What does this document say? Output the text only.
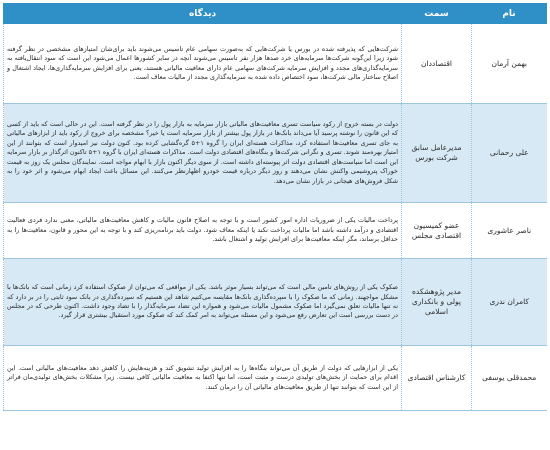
نام	سمت	دیدگاه
بهمن آرمان	اقتصاددان	شرکت‌هایی که پذیرفته شده در بورس یا شرکت‌هایی که به‌صورت سهامی عام تاسیس می‌شوند باید برای‌شان امتیازهای مشخصی در نظر گرفته شود زیرا این‌گونه شرکت‌ها سرمایه‌های خرد صدها هزار نفر تاسیس می‌شوند آنچه در سایر کشورها اعمال می‌شود این است که سود انتقال‌یافته به سرمایه‌گذاری‌های مجدد و افزایش سرمایه شرکت‌های سهامی عام دارای معافیت مالیاتی هستند، یعنی برای افزایش سرمایه‌گذاری‌ها، ایجاد اشتغال و اصلاح ساختار مالی شرکت‌ها، سود اختصاص داده شده به سرمایه‌گذاری مجدد از مالیات معاف است.
علی رحمانی	مدیرعامل سابق شرکت بورس	دولت در بسته خروج از رکود سیاست تسری معافیت‌های مالیاتی بازار سرمایه به بازار پول را در نظر گرفته است. این در حالی است که باید از کسی که این قانون را نوشته پرسید آیا می‌داند بانک‌ها در بازار پول بیشتر از بازار سرمایه است یا خیر؟ مشخصه برای خروج از رکود باید از ابزارهای مالیاتی به جای تسری معافیت‌ها استفاده کرد، مذاکرات هسته‌ای ایران را گروه ۱+۵ گره‌گشایی کرده بود. کنون دولت نیز امیدوار است که بتوانند از این امتیاز بهره‌مند شوند. تسری و نگرانی شرکت‌ها و بنگاه‌های اقتصادی دولت است. مذاکرات هسته‌ای ایران با گروه ۱+۵ تاکنون اثرگذار بر بازار سرمایه این است اما سیاست‌های اقتصادی دولت اثر پیوسته‌ای داشته است. از سوی دیگر اکنون بازار با ابهام مواجه است. نمایندگان مجلس یک روز به قیمت خوراک پتروشیمی واکنش نشان می‌دهند و روز دیگر درباره قیمت خودرو اظهارنظر می‌کنند. این مسائل باعث ایجاد ابهام می‌شود و اثر خود را به شکل فروش‌های هیجانی در بازار نشان می‌دهد.
ناصر عاشوری	عضو کمیسیون اقتصادی مجلس	پرداخت مالیات یکی از ضروریات اداره امور کشور است و با توجه به اصلاح قانون مالیات و کاهش معافیت‌های مالیاتی، معنی ندارد فردی فعالیت اقتصادی و درآمد داشته باشد اما مالیات پرداخت نکند یا اینکه معاف شود. دولت باید برنامه‌ریزی کند و با توجه به این محور و قانون، معافیت‌ها را به حداقل برساند، مگر اینکه معافیت‌ها برای افزایش تولید و اشتغال باشد.
کامران ندری	مدیر پژوهشکده پولی و بانکداری اسلامی	صکوک یکی از روش‌های تامین مالی است که می‌تواند بسیار موثر باشد. یکی از مواقعی که می‌توان از صکوک استفاده کرد زمانی است که بانک‌ها با مشکل مواجهند. زمانی که ما صکوک را با سپرده‌گذاری بانک‌ها مقایسه می‌کنیم شاهد این هستیم که سپرده‌گذاری در بانک سود ثابتی را در بر دارد که نه تنها مالیات تعلق نمی‌گیرد اما صکوک مشمول مالیات می‌شود و همواره این تضاد سرمایه‌گذار را با تضاد وجود داشت. اکنون طرحی که در مجلس در دست بررسی است این تعارض رفع می‌شود و این مسئله می‌تواند به امر کمک کند که صکوک مورد استقبال بیشتری قرار گیرد.
محمدقلی یوسفی	کارشناس اقتصادی	یکی از ابزارهایی که دولت از طریق آن می‌تواند بنگاه‌ها را به افزایش تولید تشویق کند و هزینه‌هایش را کاهش دهد معافیت‌های مالیاتی است. این اقدام برای حمایت از بخش‌های تولیدی درست و مثبت است، اما تنها اکتفا به معافیت مالیاتی کافی نیست. زیرا مشکلات بخش‌های تولیدی‌مان فراتر از این است که بتوانند تنها از طریق معافیت‌های مالیاتی آن را درمان کنند.
